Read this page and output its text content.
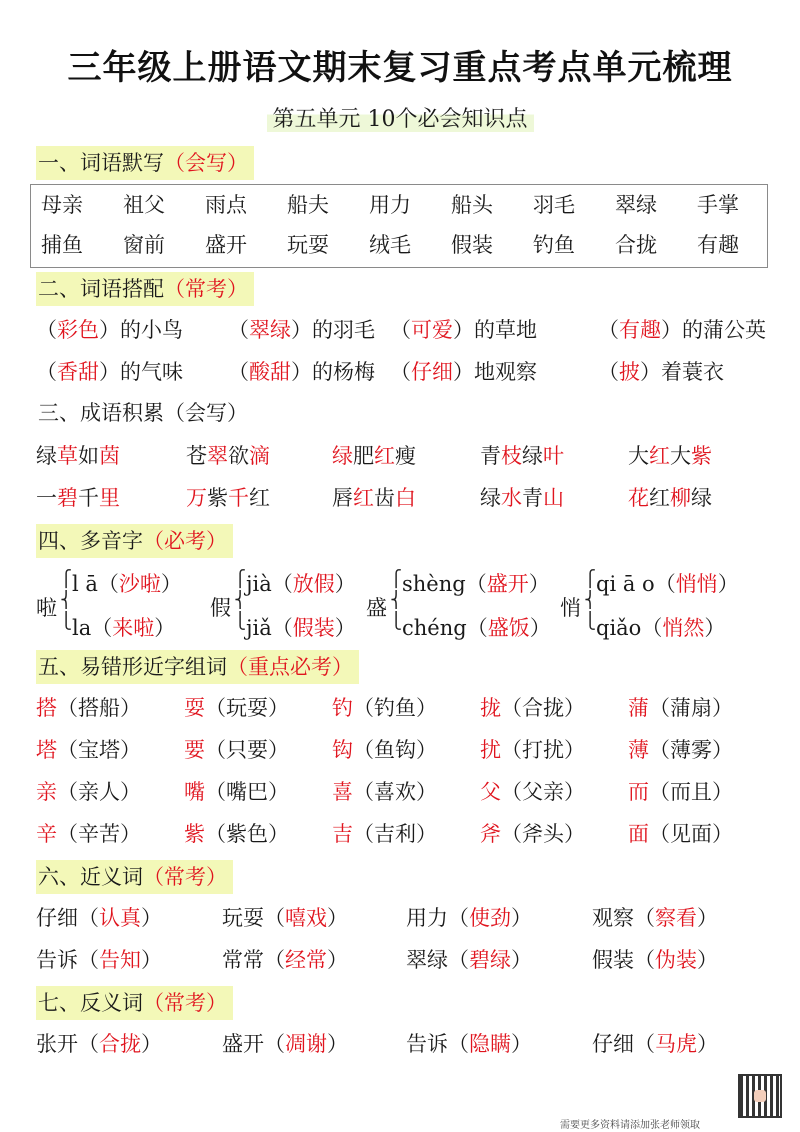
三年级上册语文期末复习重点考点单元梳理
第五单元 10个必会知识点
一、词语默写（会写）
母亲 祖父 雨点 船夫 用力 船头 羽毛 翠绿 手掌
捕鱼 窗前 盛开 玩耍 绒毛 假装 钓鱼 合拢 有趣
二、词语搭配（常考）
（彩色）的小鸟 （翠绿）的羽毛 （可爱）的草地	（有趣）的蒲公英
（香甜）的气味 （酸甜）的杨梅 （仔细）地观察	（披）着蓑衣
三、成语积累（会写）
绿草如茵	苍翠欲滴	绿肥红瘦	青枝绿叶	大红大紫
一碧千里	万紫千红	唇红齿白	绿水青山	花红柳绿
四、多音字（必考）
啦
⎧
⎨
⎩
l ā（沙啦）
la（来啦）
假
⎧
⎨
⎩
jià（放假）
jiǎ（假装）
盛
⎧
⎨
⎩
shèng（盛开）
chéng（盛饭）
悄
⎧
⎨
⎩
qi ā o（悄悄）
qiǎo（悄然）
五、易错形近字组词（重点必考）
搭（搭船） 耍（玩耍） 钓（钓鱼） 拢（合拢） 蒲（蒲扇）
塔（宝塔） 要（只要） 钩（鱼钩） 扰（打扰） 薄（薄雾）
亲（亲人） 嘴（嘴巴） 喜（喜欢） 父（父亲） 而（而且）
辛（辛苦） 紫（紫色） 吉（吉利） 斧（斧头） 面（见面）
六、近义词（常考）
仔细（认真）	玩耍（嘻戏）	用力（使劲）	观察（察看）
告诉（告知）	常常（经常）	翠绿（碧绿）	假装（伪装）
七、反义词（常考）
张开（合拢）	盛开（凋谢）	告诉（隐瞒）	仔细（马虎）
需要更多资料请添加张老师领取
